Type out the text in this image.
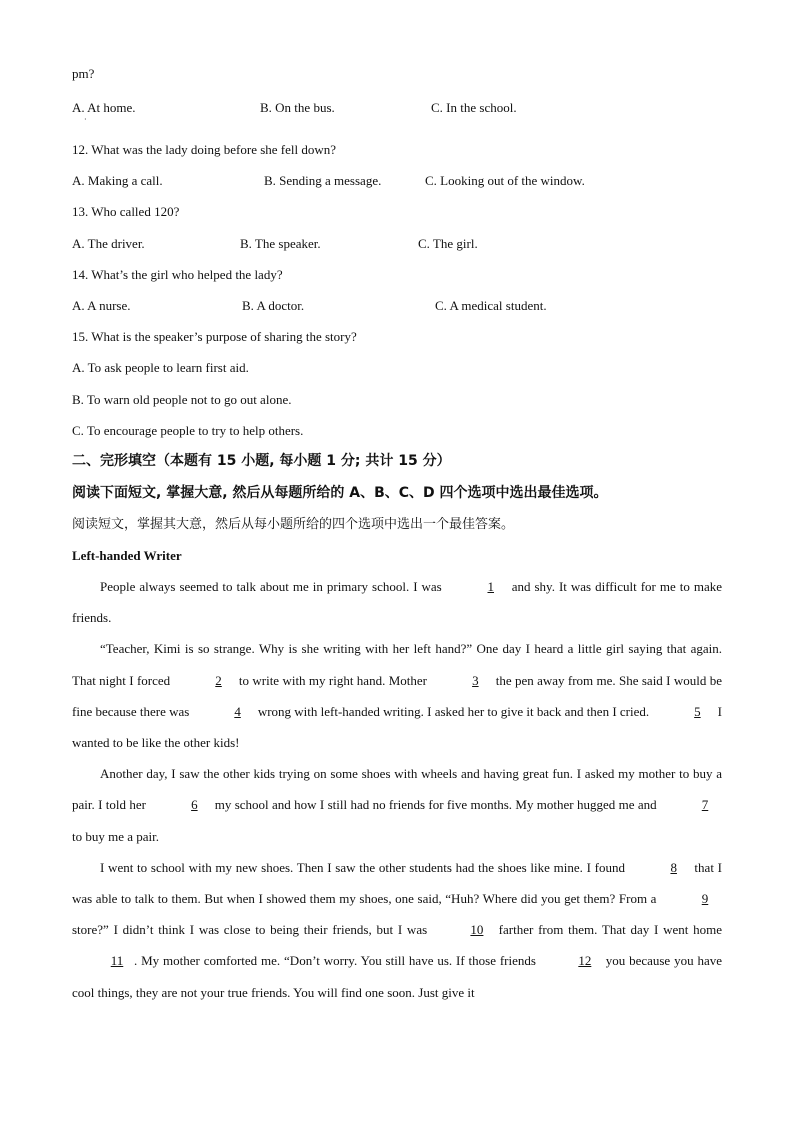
pm?
A. At home.	B. On the bus.	C. In the school.
·
12. What was the lady doing before she fell down?
A. Making a call.	B. Sending a message.	C. Looking out of the window.
13. Who called 120?
A. The driver.	B. The speaker.	C. The girl.
14. What’s the girl who helped the lady?
A. A nurse.	B. A doctor.	C. A medical student.
15. What is the speaker’s purpose of sharing the story?
A. To ask people to learn first aid.
B. To warn old people not to go out alone.
C. To encourage people to try to help others.
二、完形填空（本题有 15 小题, 每小题 1 分; 共计 15 分）
阅读下面短文, 掌握大意, 然后从每题所给的 A、B、C、D 四个选项中选出最佳选项。
阅读短文，掌握其大意，然后从每小题所给的四个选项中选出一个最佳答案。
Left-handed Writer

People always seemed to talk about me in primary school. I was	1 and shy. It was difficult for me to make friends.

“Teacher, Kimi is so strange. Why is she writing with her left hand?” One day I heard a little girl saying that again. That night I forced	2 to write with my right hand. Mother	3 the pen away from me. She said I would be fine because there was	4 wrong with left-handed writing. I asked her to give it back and then I cried.	5 I wanted to be like the other kids!

Another day, I saw the other kids trying on some shoes with wheels and having great fun. I asked my mother to buy a pair. I told her	6 my school and how I still had no friends for five months. My mother hugged me and	7 to buy me a pair.

I went to school with my new shoes. Then I saw the other students had the shoes like mine. I found	8 that I was able to talk to them. But when I showed them my shoes, one said, “Huh? Where did you get them? From a	9 store?” I didn’t think I was close to being their friends, but I was	10 farther from them. That day I went home 11 . My mother comforted me. “Don’t worry. You still have us. If those friends	12 you because you have cool things, they are not your true friends. You will find one soon. Just give it
